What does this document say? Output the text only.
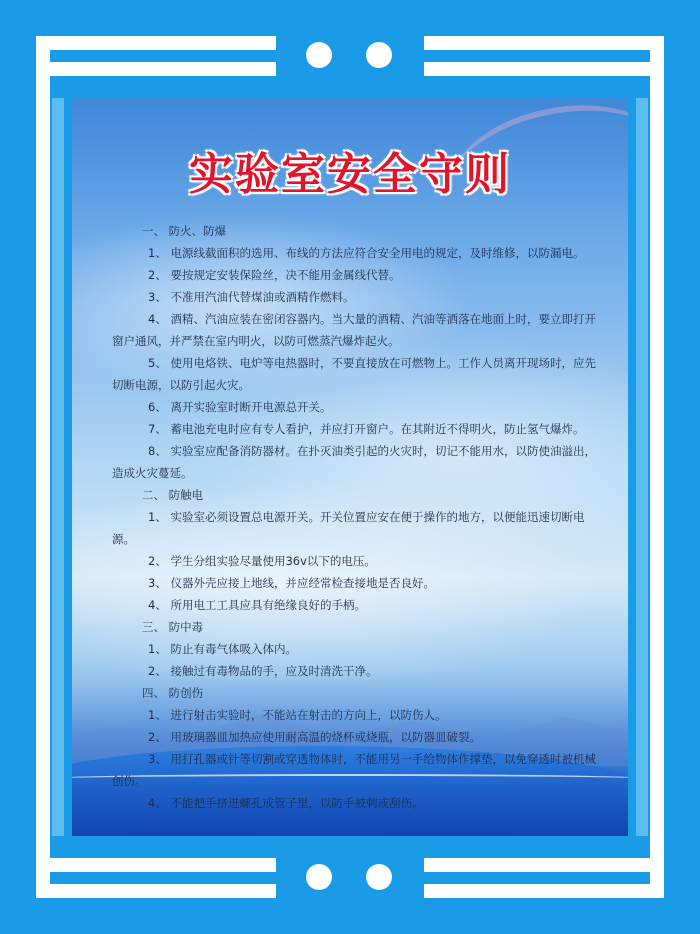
实验室安全守则
一、 防火、防爆
1、 电源线截面积的选用、布线的方法应符合安全用电的规定，及时维修，以防漏电。
2、 要按规定安装保险丝，决不能用金属线代替。
3、 不准用汽油代替煤油或酒精作燃料。
4、 酒精、汽油应装在密闭容器内。当大量的酒精、汽油等洒落在地面上时，要立即打开窗户通风，并严禁在室内明火，以防可燃蒸汽爆炸起火。
5、 使用电烙铁、电炉等电热器时，不要直接放在可燃物上。工作人员离开现场时，应先切断电源，以防引起火灾。
6、 离开实验室时断开电源总开关。
7、 蓄电池充电时应有专人看护，并应打开窗户。在其附近不得明火，防止氢气爆炸。
8、 实验室应配备消防器材。在扑灭油类引起的火灾时，切记不能用水，以防使油溢出，造成火灾蔓延。
二、 防触电
1、 实验室必须设置总电源开关。开关位置应安在便于操作的地方，以便能迅速切断电源。
2、 学生分组实验尽量使用36v以下的电压。
3、 仪器外壳应接上地线，并应经常检查接地是否良好。
4、 所用电工工具应具有绝缘良好的手柄。
三、 防中毒
1、 防止有毒气体吸入体内。
2、 接触过有毒物品的手，应及时清洗干净。
四、 防创伤
1、 进行射击实验时，不能站在射击的方向上，以防伤人。
2、 用玻璃器皿加热应使用耐高温的烧杯或烧瓶，以防器皿破裂。
3、 用打孔器或针等切割或穿透物体时，不能用另一手给物体作撑垫，以免穿透时被机械创伤。
4、 不能把手挤进螺孔或管子里，以防手被刺或刮伤。
